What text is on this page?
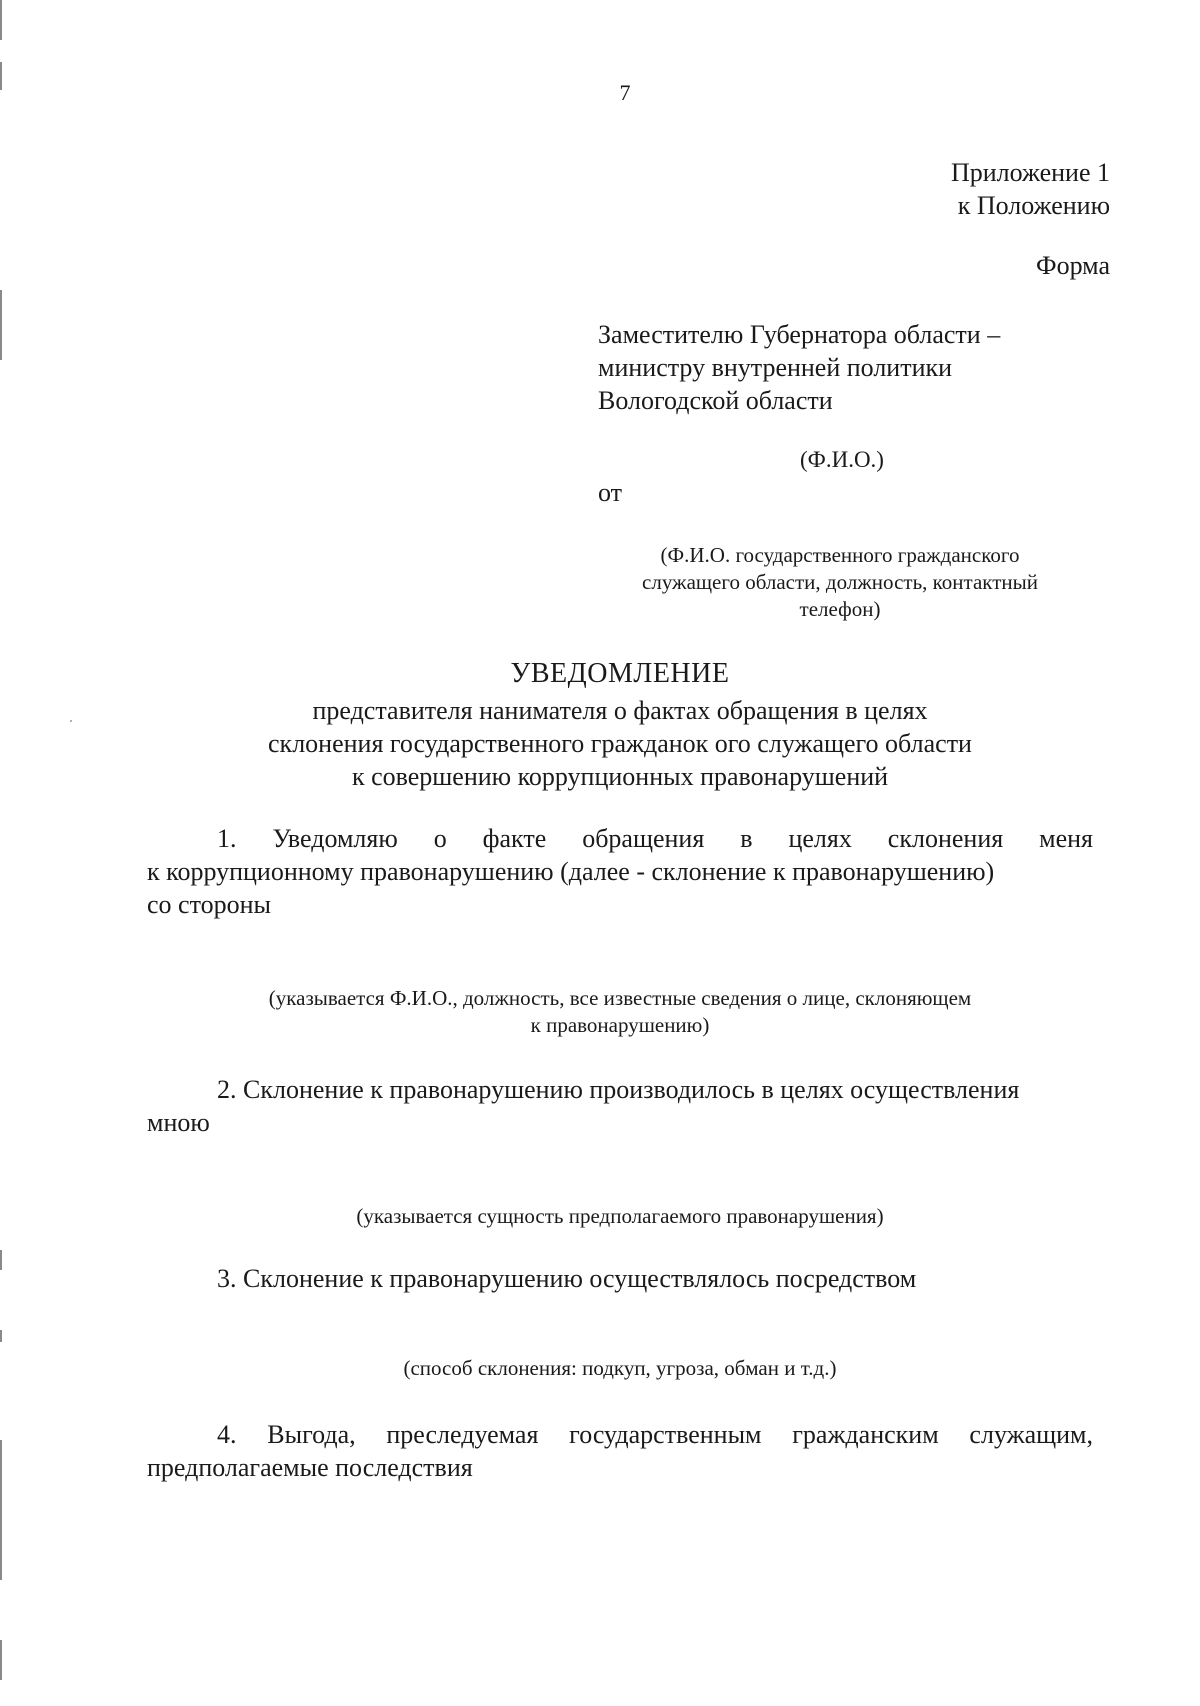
7
Приложение 1
к Положению
Форма
Заместителю Губернатора области –
министру внутренней политики
Вологодской области
(Ф.И.О.)
от
(Ф.И.О. государственного гражданского
служащего области, должность, контактный
телефон)
УВЕДОМЛЕНИЕ
представителя нанимателя о фактах обращения в целях
склонения государственного гражданок ого служащего области
к совершению коррупционных правонарушений
1. Уведомляю о факте обращения в целях склонения меня
к коррупционному правонарушению (далее - склонение к правонарушению)
со стороны
(указывается Ф.И.О., должность, все известные сведения о лице, склоняющем
к правонарушению)
2. Склонение к правонарушению производилось в целях осуществления
мною
(указывается сущность предполагаемого правонарушения)
3. Склонение к правонарушению осуществлялось посредством
(способ склонения: подкуп, угроза, обман и т.д.)
4. Выгода, преследуемая государственным гражданским служащим,
предполагаемые последствия
